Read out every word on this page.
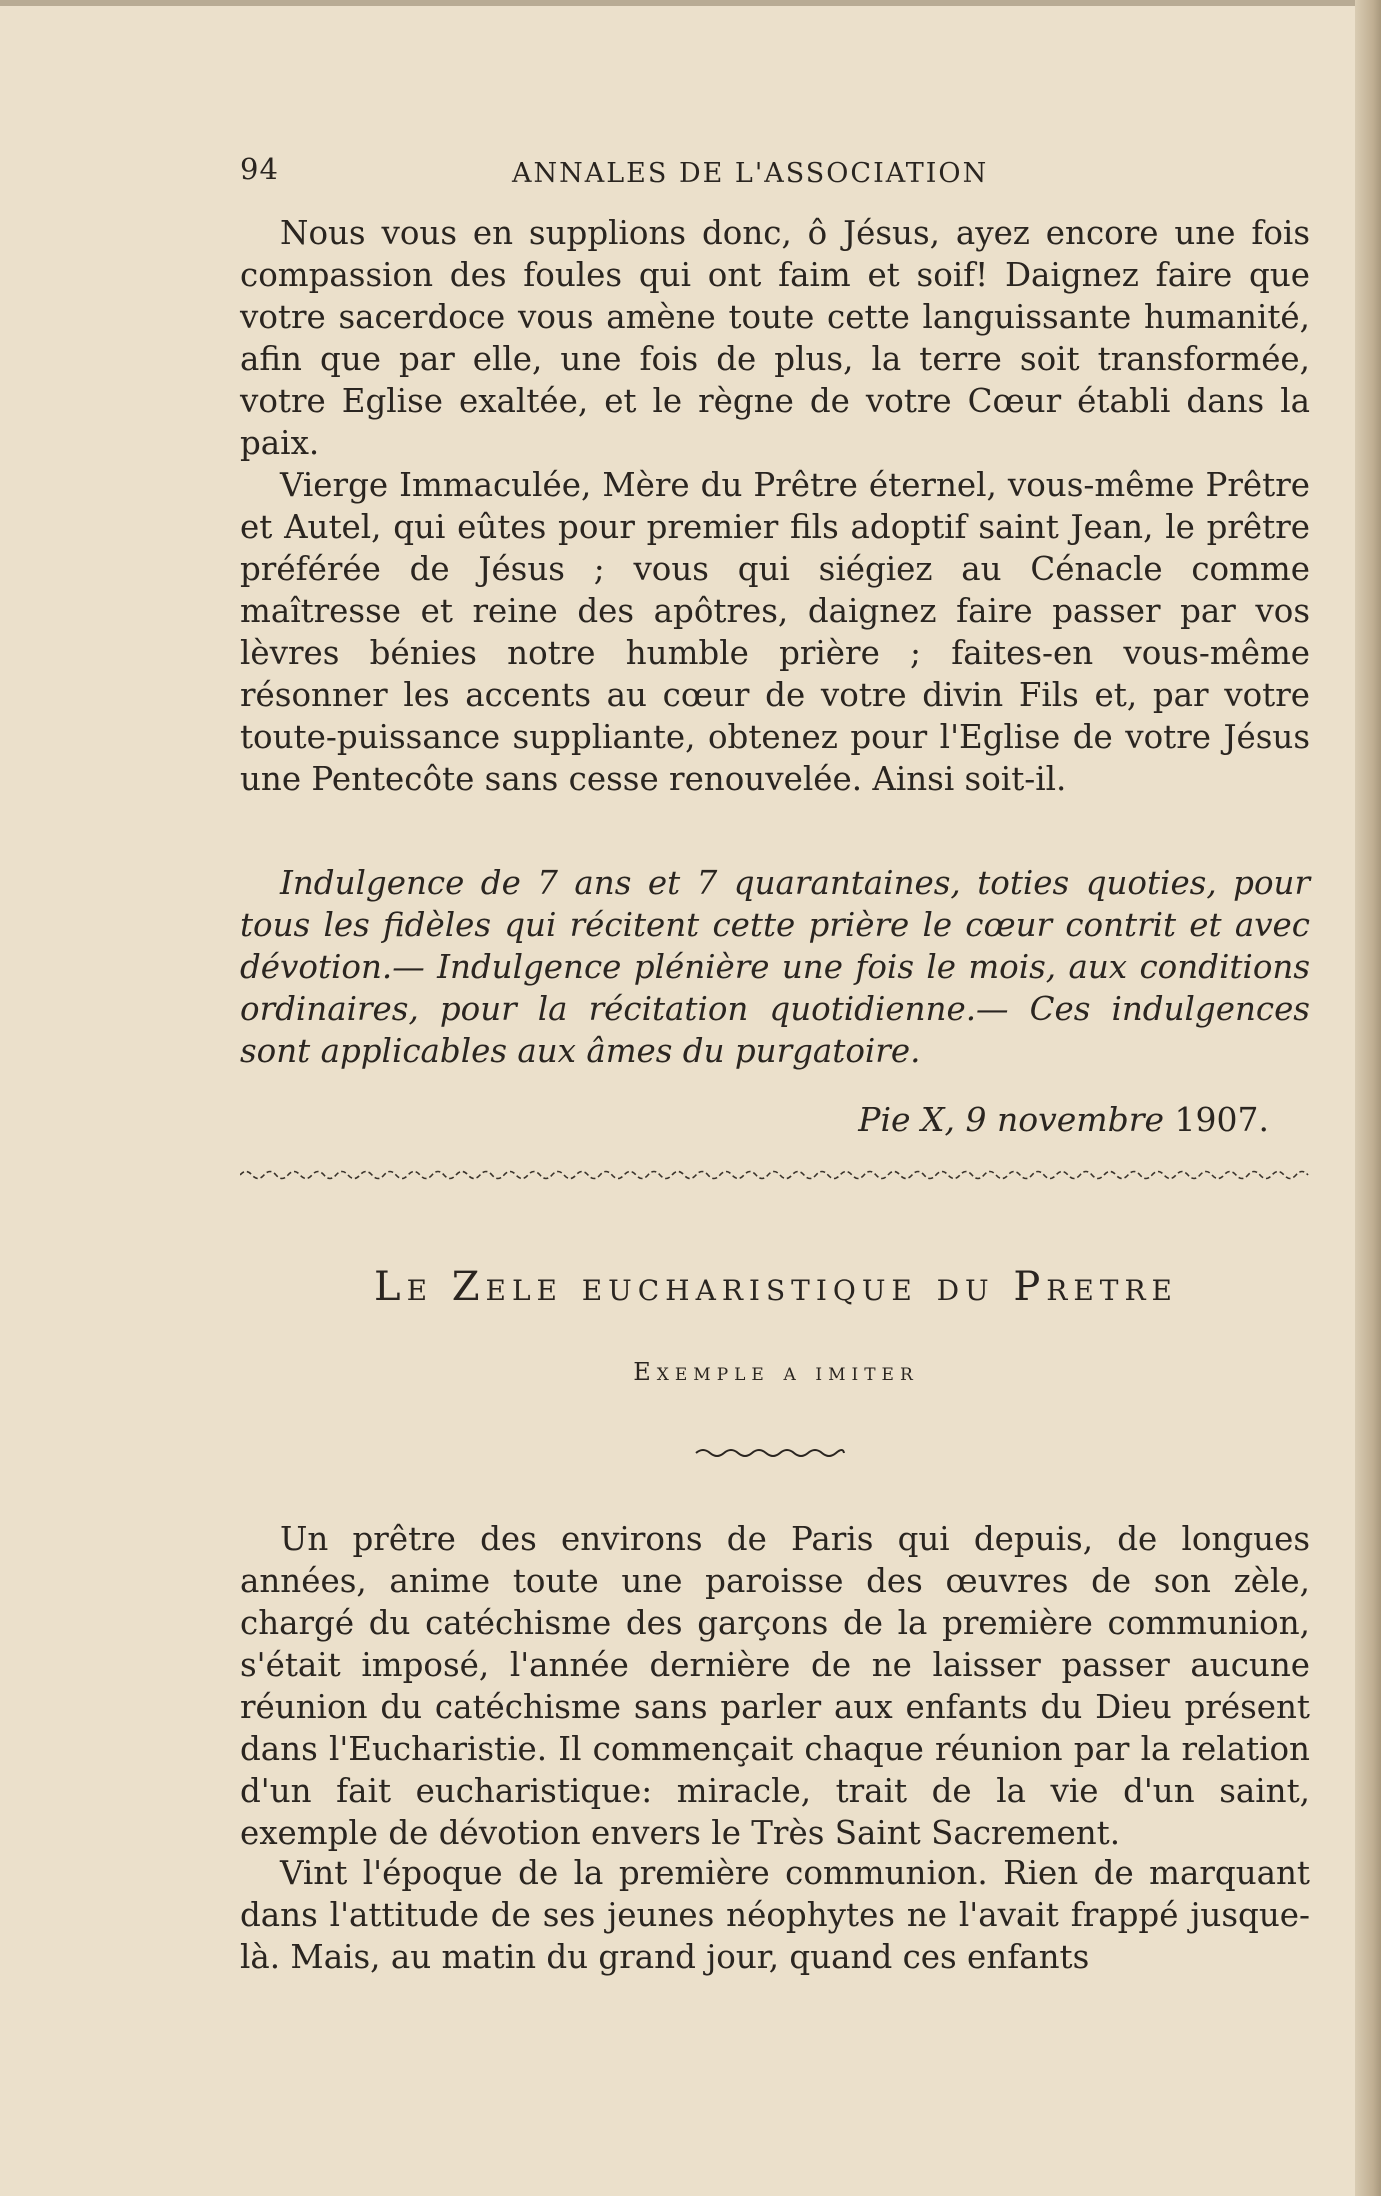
94	ANNALES DE L'ASSOCIATION

Nous vous en supplions donc, ô Jésus, ayez encore une fois compassion des foules qui ont faim et soif! Daignez faire que votre sacerdoce vous amène toute cette languissante humanité, afin que par elle, une fois de plus, la terre soit transformée, votre Eglise exaltée, et le règne de votre Cœur établi dans la paix.

Vierge Immaculée, Mère du Prêtre éternel, vous-même Prêtre et Autel, qui eûtes pour premier fils adoptif saint Jean, le prêtre préférée de Jésus ; vous qui siégiez au Cénacle comme maîtresse et reine des apôtres, daignez faire passer par vos lèvres bénies notre humble prière ; faites-en vous-même résonner les accents au cœur de votre divin Fils et, par votre toute-puissance suppliante, obtenez pour l'Eglise de votre Jésus une Pentecôte sans cesse renouvelée. Ainsi soit-il.

Indulgence de 7 ans et 7 quarantaines, toties quoties, pour tous les fidèles qui récitent cette prière le cœur contrit et avec dévotion.— Indulgence plénière une fois le mois, aux conditions ordinaires, pour la récitation quotidienne.— Ces indulgences sont applicables aux âmes du purgatoire.

Pie X, 9 novembre 1907.
Le Zele eucharistique du Pretre
Exemple a imiter

Un prêtre des environs de Paris qui depuis, de longues années, anime toute une paroisse des œuvres de son zèle, chargé du catéchisme des garçons de la première communion, s'était imposé, l'année dernière de ne laisser passer aucune réunion du catéchisme sans parler aux enfants du Dieu présent dans l'Eucharistie. Il commençait chaque réunion par la relation d'un fait eucharistique: miracle, trait de la vie d'un saint, exemple de dévotion envers le Très Saint Sacrement.

Vint l'époque de la première communion. Rien de marquant dans l'attitude de ses jeunes néophytes ne l'avait frappé jusque-là. Mais, au matin du grand jour, quand ces enfants
